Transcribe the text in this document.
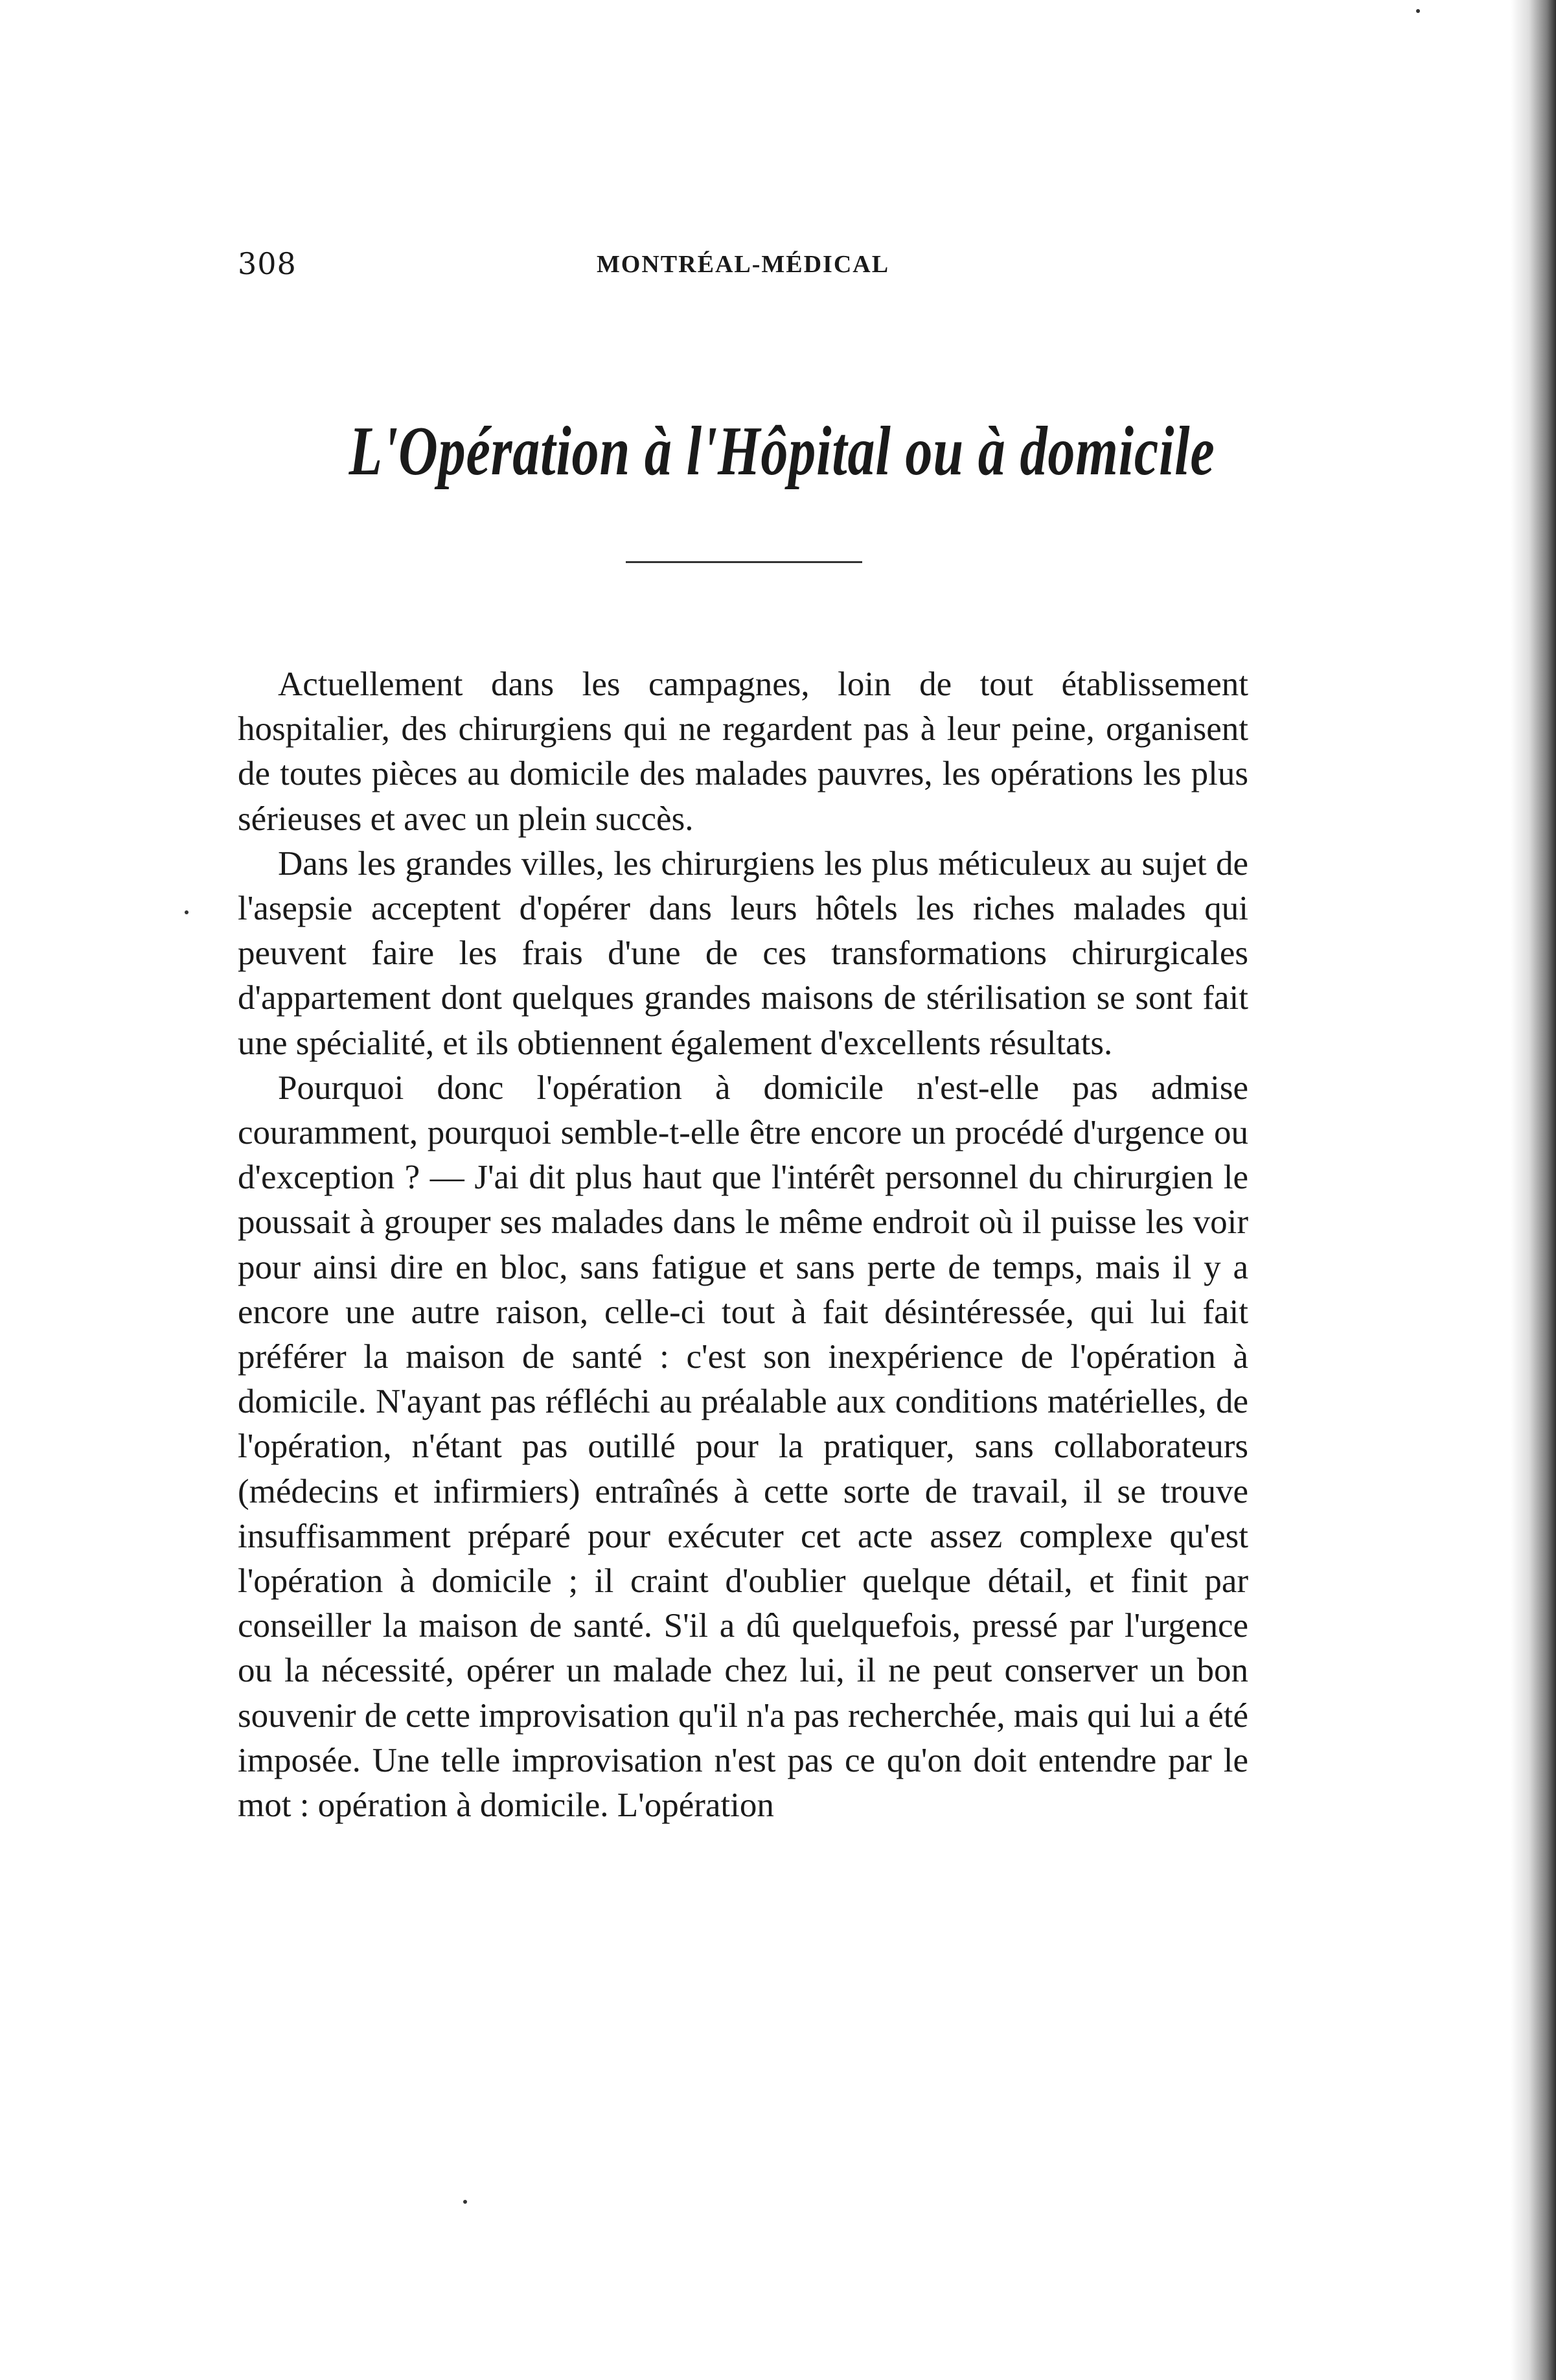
308	MONTRÉAL-MÉDICAL
L'Opération à l'Hôpital ou à domicile

Actuellement dans les campagnes, loin de tout établissement hospitalier, des chirurgiens qui ne regardent pas à leur peine, organisent de toutes pièces au domicile des malades pauvres, les opérations les plus sérieuses et avec un plein succès.

Dans les grandes villes, les chirurgiens les plus méticuleux au sujet de l'asepsie acceptent d'opérer dans leurs hôtels les riches malades qui peuvent faire les frais d'une de ces transformations chirurgicales d'appartement dont quelques grandes maisons de stérilisation se sont fait une spécialité, et ils obtiennent également d'excellents résultats.

Pourquoi donc l'opération à domicile n'est-elle pas admise couramment, pourquoi semble-t-elle être encore un procédé d'urgence ou d'exception ? — J'ai dit plus haut que l'intérêt personnel du chirurgien le poussait à grouper ses malades dans le même endroit où il puisse les voir pour ainsi dire en bloc, sans fatigue et sans perte de temps, mais il y a encore une autre raison, celle-ci tout à fait désintéressée, qui lui fait préférer la maison de santé : c'est son inexpérience de l'opération à domicile. N'ayant pas réfléchi au préalable aux conditions matérielles, de l'opération, n'étant pas outillé pour la pratiquer, sans collaborateurs (médecins et infirmiers) entraînés à cette sorte de travail, il se trouve insuffisamment préparé pour exécuter cet acte assez complexe qu'est l'opération à domicile ; il craint d'oublier quelque détail, et finit par conseiller la maison de santé. S'il a dû quelquefois, pressé par l'urgence ou la nécessité, opérer un malade chez lui, il ne peut conserver un bon souvenir de cette improvisation qu'il n'a pas recherchée, mais qui lui a été imposée. Une telle improvisation n'est pas ce qu'on doit entendre par le mot : opération à domicile. L'opération
